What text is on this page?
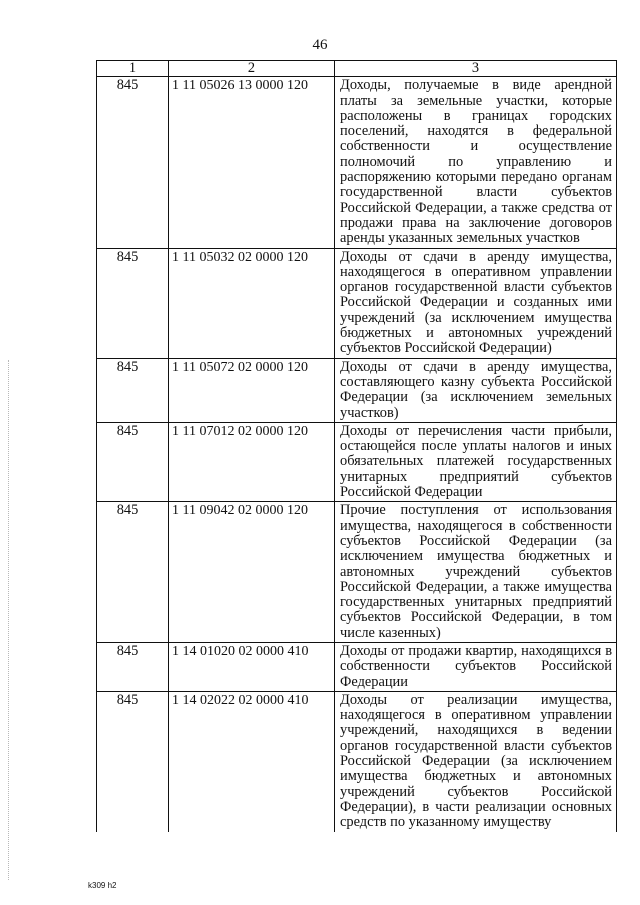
46
1	2	3
845	1 11 05026 13 0000 120	Доходы, получаемые в виде арендной платы за земельные участки, которые расположены в границах городских поселений, находятся в федеральной собственности и осуществление полномочий по управлению и распоряжению которыми передано органам государственной власти субъектов Российской Федерации, а также средства от продажи права на заключение договоров аренды указанных земельных участков
845	1 11 05032 02 0000 120	Доходы от сдачи в аренду имущества, находящегося в оперативном управлении органов государственной власти субъектов Российской Федерации и созданных ими учреждений (за исключением имущества бюджетных и автономных учреждений субъектов Российской Федерации)
845	1 11 05072 02 0000 120	Доходы от сдачи в аренду имущества, составляющего казну субъекта Российской Федерации (за исключением земельных участков)
845	1 11 07012 02 0000 120	Доходы от перечисления части прибыли, остающейся после уплаты налогов и иных обязательных платежей государственных унитарных предприятий субъектов Российской Федерации
845	1 11 09042 02 0000 120	Прочие поступления от использования имущества, находящегося в собственности субъектов Российской Федерации (за исключением имущества бюджетных и автономных учреждений субъектов Российской Федерации, а также имущества государственных унитарных предприятий субъектов Российской Федерации, в том числе казенных)
845	1 14 01020 02 0000 410	Доходы от продажи квартир, находящихся в собственности субъектов Российской Федерации
845	1 14 02022 02 0000 410	Доходы от реализации имущества, находящегося в оперативном управлении учреждений, находящихся в ведении органов государственной власти субъектов Российской Федерации (за исключением имущества бюджетных и автономных учреждений субъектов Российской Федерации), в части реализации основных средств по указанному имуществу
k309 h2
